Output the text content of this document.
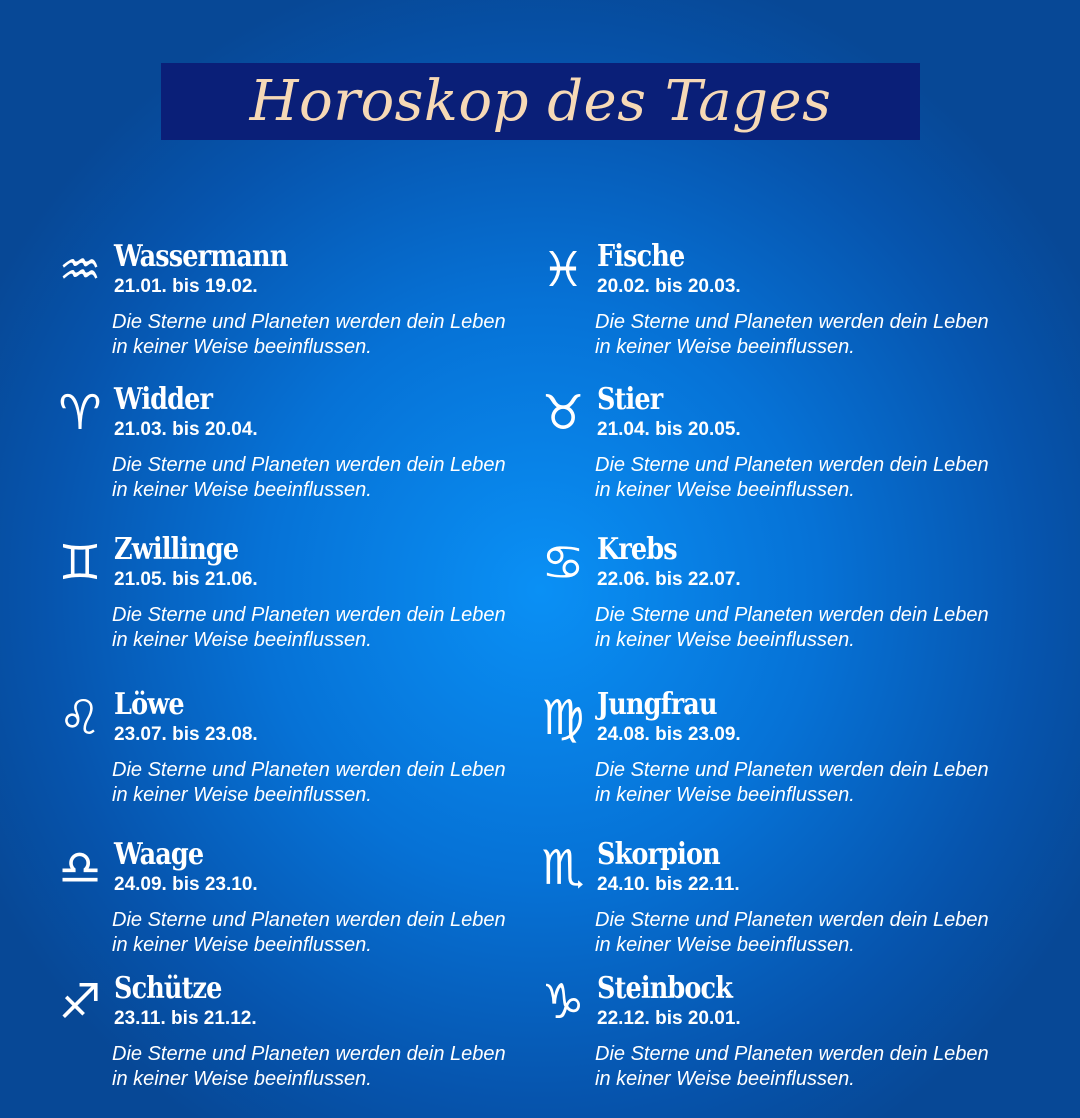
Horoskop des Tages
♒ Wassermann
21.01. bis 19.02.
Die Sterne und Planeten werden dein Leben
in keiner Weise beeinflussen.
♓ Fische
20.02. bis 20.03.
Die Sterne und Planeten werden dein Leben
in keiner Weise beeinflussen.
♈ Widder
21.03. bis 20.04.
Die Sterne und Planeten werden dein Leben
in keiner Weise beeinflussen.
♉ Stier
21.04. bis 20.05.
Die Sterne und Planeten werden dein Leben
in keiner Weise beeinflussen.
♊ Zwillinge
21.05. bis 21.06.
Die Sterne und Planeten werden dein Leben
in keiner Weise beeinflussen.
♋ Krebs
22.06. bis 22.07.
Die Sterne und Planeten werden dein Leben
in keiner Weise beeinflussen.
♌ Löwe
23.07. bis 23.08.
Die Sterne und Planeten werden dein Leben
in keiner Weise beeinflussen.
♍ Jungfrau
24.08. bis 23.09.
Die Sterne und Planeten werden dein Leben
in keiner Weise beeinflussen.
♎ Waage
24.09. bis 23.10.
Die Sterne und Planeten werden dein Leben
in keiner Weise beeinflussen.
♏ Skorpion
24.10. bis 22.11.
Die Sterne und Planeten werden dein Leben
in keiner Weise beeinflussen.
♐ Schütze
23.11. bis 21.12.
Die Sterne und Planeten werden dein Leben
in keiner Weise beeinflussen.
♑ Steinbock
22.12. bis 20.01.
Die Sterne und Planeten werden dein Leben
in keiner Weise beeinflussen.
